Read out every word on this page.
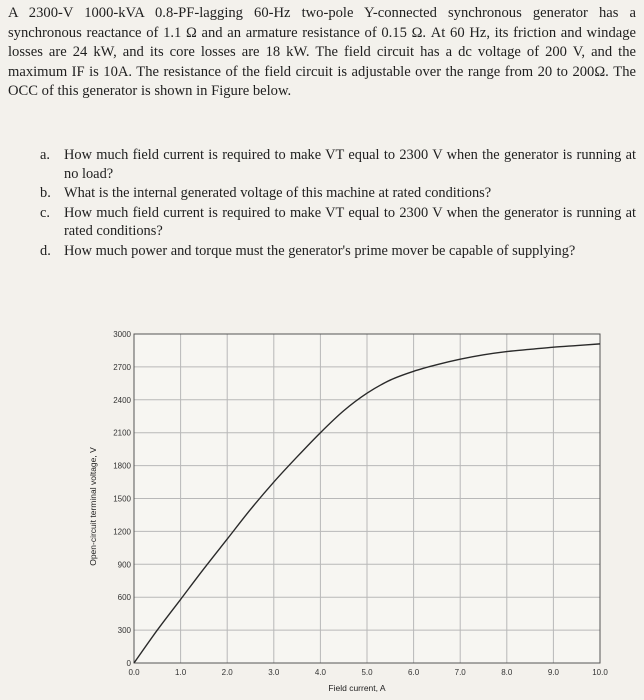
A 2300-V 1000-kVA 0.8-PF-lagging 60-Hz two-pole Y-connected synchronous generator has a synchronous reactance of 1.1 Ω and an armature resistance of 0.15 Ω. At 60 Hz, its friction and windage losses are 24 kW, and its core losses are 18 kW. The field circuit has a dc voltage of 200 V, and the maximum IF is 10A. The resistance of the field circuit is adjustable over the range from 20 to 200Ω. The OCC of this generator is shown in Figure below.
a. How much field current is required to make VT equal to 2300 V when the generator is running at no load?
b. What is the internal generated voltage of this machine at rated conditions?
c. How much field current is required to make VT equal to 2300 V when the generator is running at rated conditions?
d. How much power and torque must the generator's prime mover be capable of supplying?
0.0	1.0	2.0	3.0	4.0	5.0	6.0	7.0	8.0	9.0	10.0
0
300
600
900
1200
1500
1800
2100
2400
2700
3000
Field current, A
Open-circuit terminal voltage, V
